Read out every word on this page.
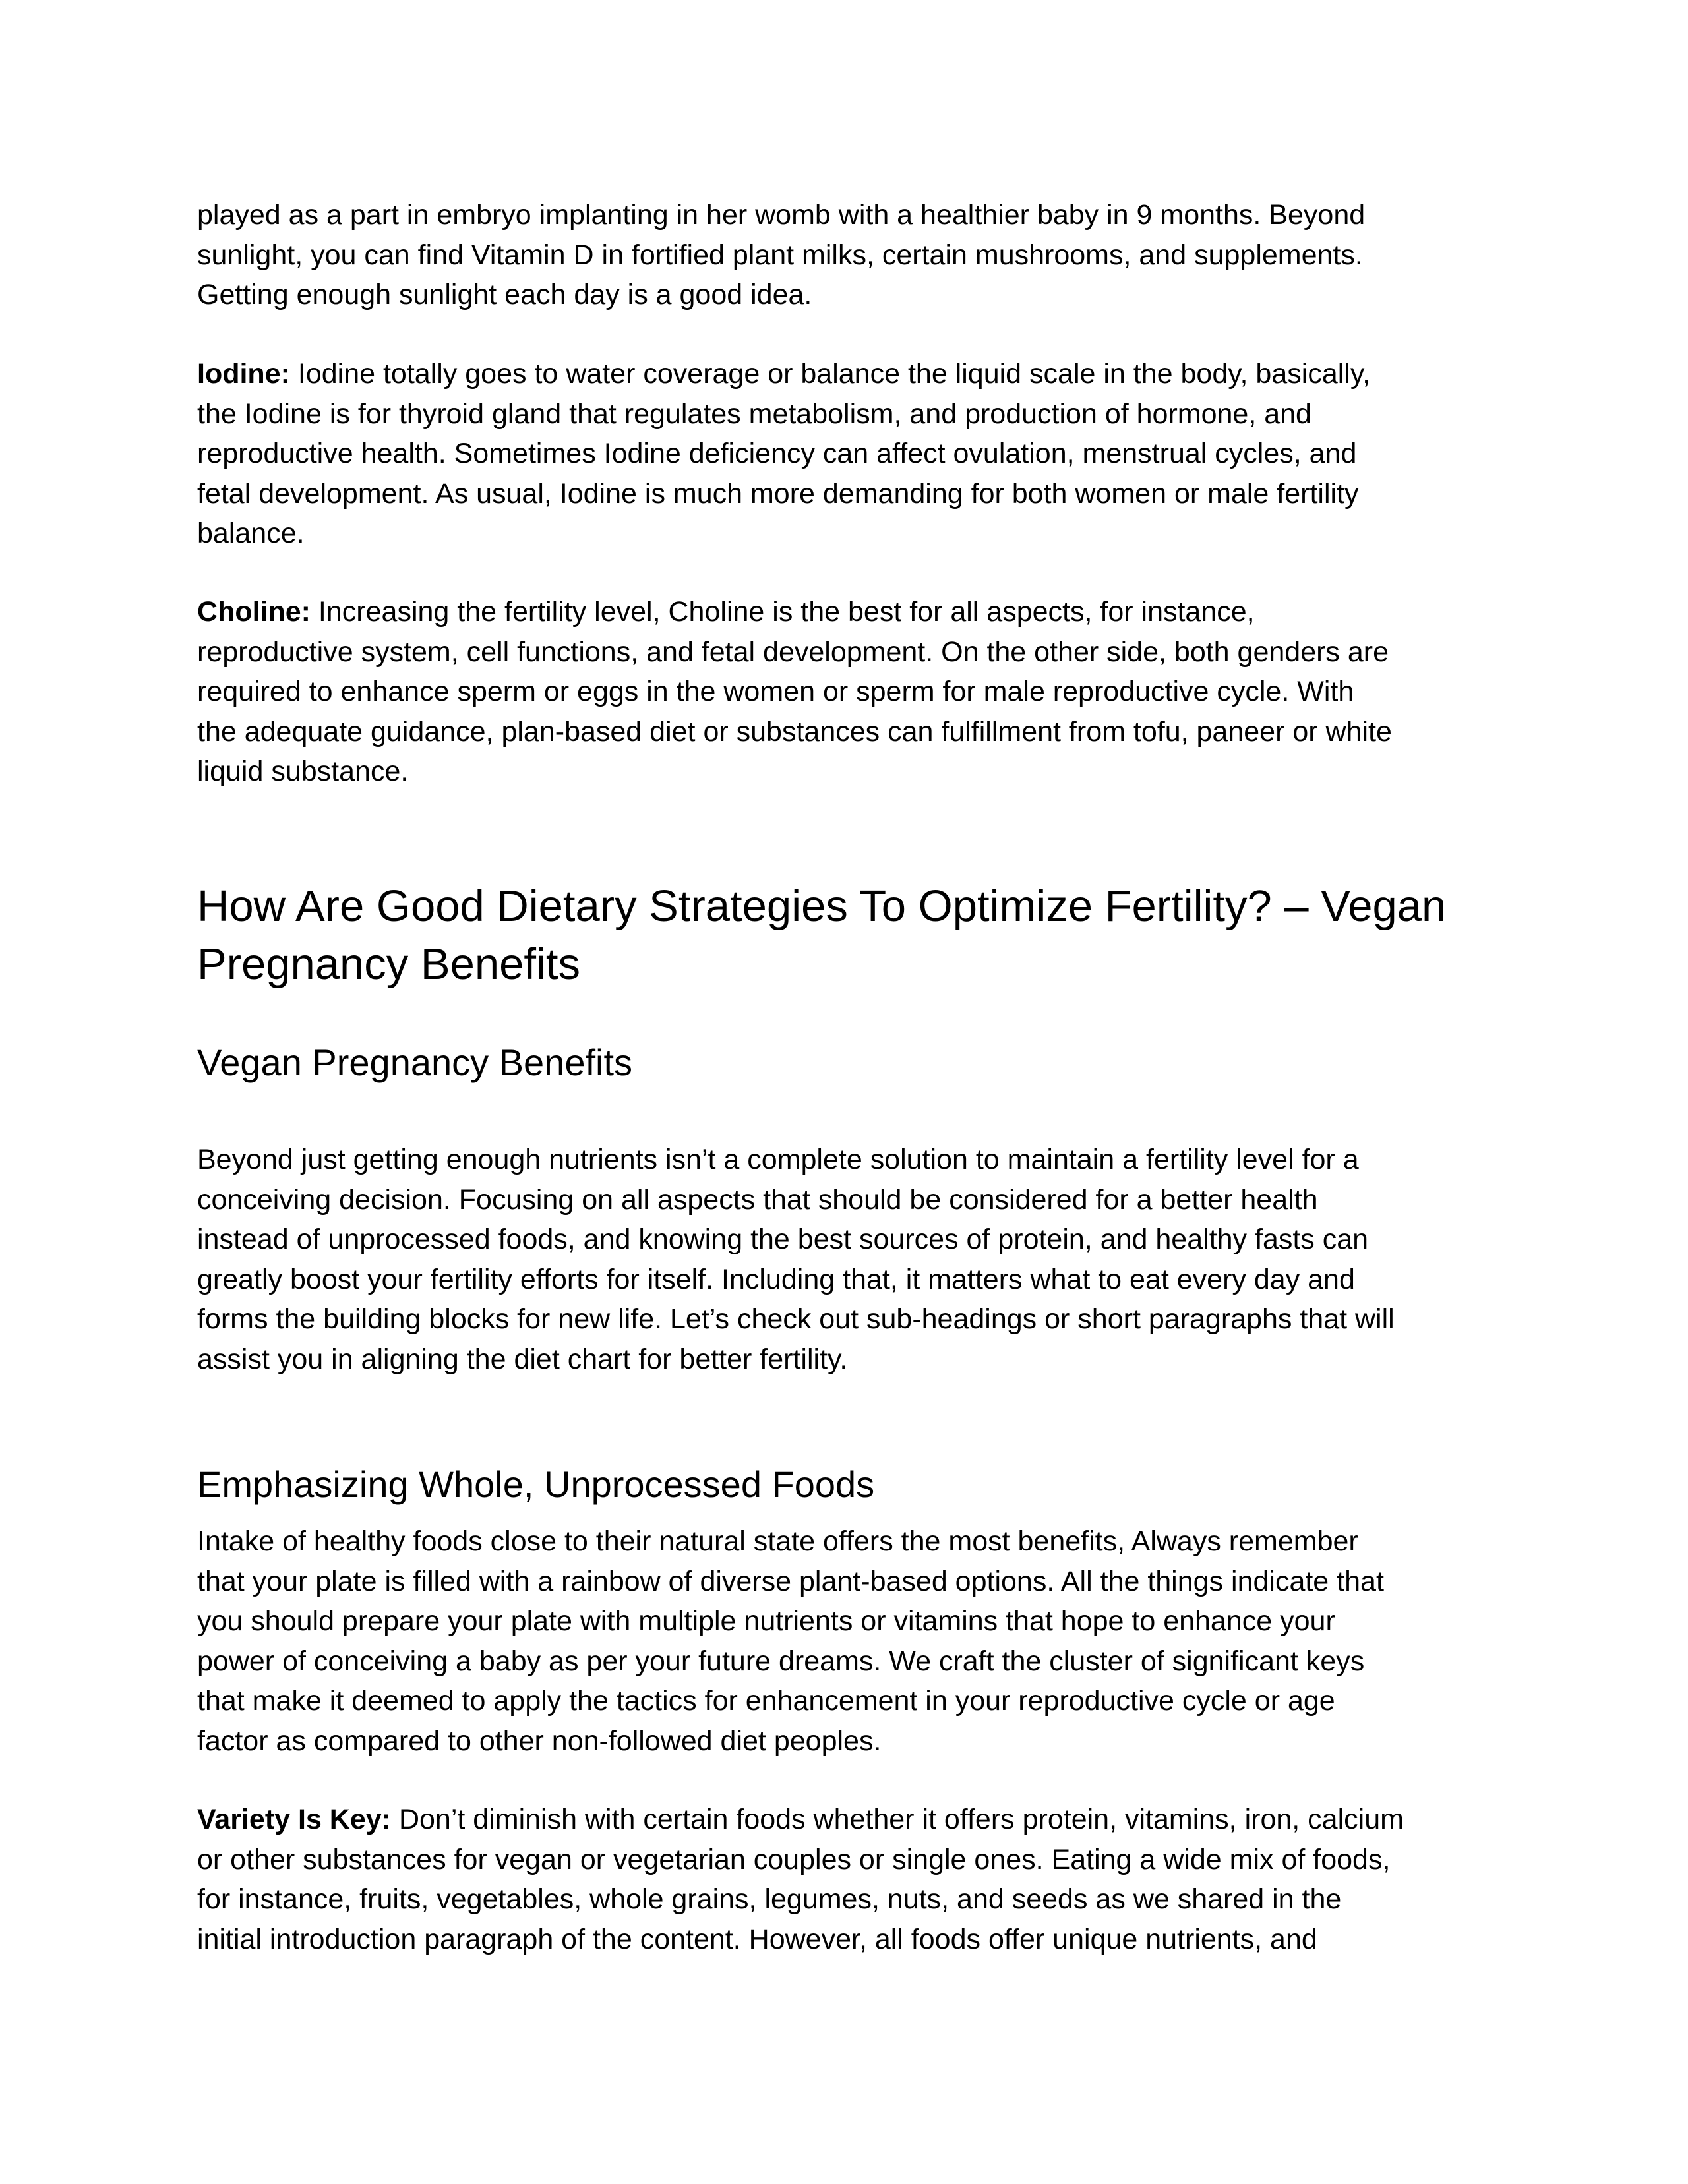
played as a part in embryo implanting in her womb with a healthier baby in 9 months. Beyond
sunlight, you can find Vitamin D in fortified plant milks, certain mushrooms, and supplements.
Getting enough sunlight each day is a good idea.
Iodine: Iodine totally goes to water coverage or balance the liquid scale in the body, basically,
the Iodine is for thyroid gland that regulates metabolism, and production of hormone, and
reproductive health. Sometimes Iodine deficiency can affect ovulation, menstrual cycles, and
fetal development. As usual, Iodine is much more demanding for both women or male fertility
balance.
Choline: Increasing the fertility level, Choline is the best for all aspects, for instance,
reproductive system, cell functions, and fetal development. On the other side, both genders are
required to enhance sperm or eggs in the women or sperm for male reproductive cycle. With
the adequate guidance, plan-based diet or substances can fulfillment from tofu, paneer or white
liquid substance.
How Are Good Dietary Strategies To Optimize Fertility? – Vegan
Pregnancy Benefits
Vegan Pregnancy Benefits
Beyond just getting enough nutrients isn’t a complete solution to maintain a fertility level for a
conceiving decision. Focusing on all aspects that should be considered for a better health
instead of unprocessed foods, and knowing the best sources of protein, and healthy fasts can
greatly boost your fertility efforts for itself. Including that, it matters what to eat every day and
forms the building blocks for new life. Let’s check out sub-headings or short paragraphs that will
assist you in aligning the diet chart for better fertility.
Emphasizing Whole, Unprocessed Foods
Intake of healthy foods close to their natural state offers the most benefits, Always remember
that your plate is filled with a rainbow of diverse plant-based options. All the things indicate that
you should prepare your plate with multiple nutrients or vitamins that hope to enhance your
power of conceiving a baby as per your future dreams. We craft the cluster of significant keys
that make it deemed to apply the tactics for enhancement in your reproductive cycle or age
factor as compared to other non-followed diet peoples.
Variety Is Key: Don’t diminish with certain foods whether it offers protein, vitamins, iron, calcium
or other substances for vegan or vegetarian couples or single ones. Eating a wide mix of foods,
for instance, fruits, vegetables, whole grains, legumes, nuts, and seeds as we shared in the
initial introduction paragraph of the content. However, all foods offer unique nutrients, and
